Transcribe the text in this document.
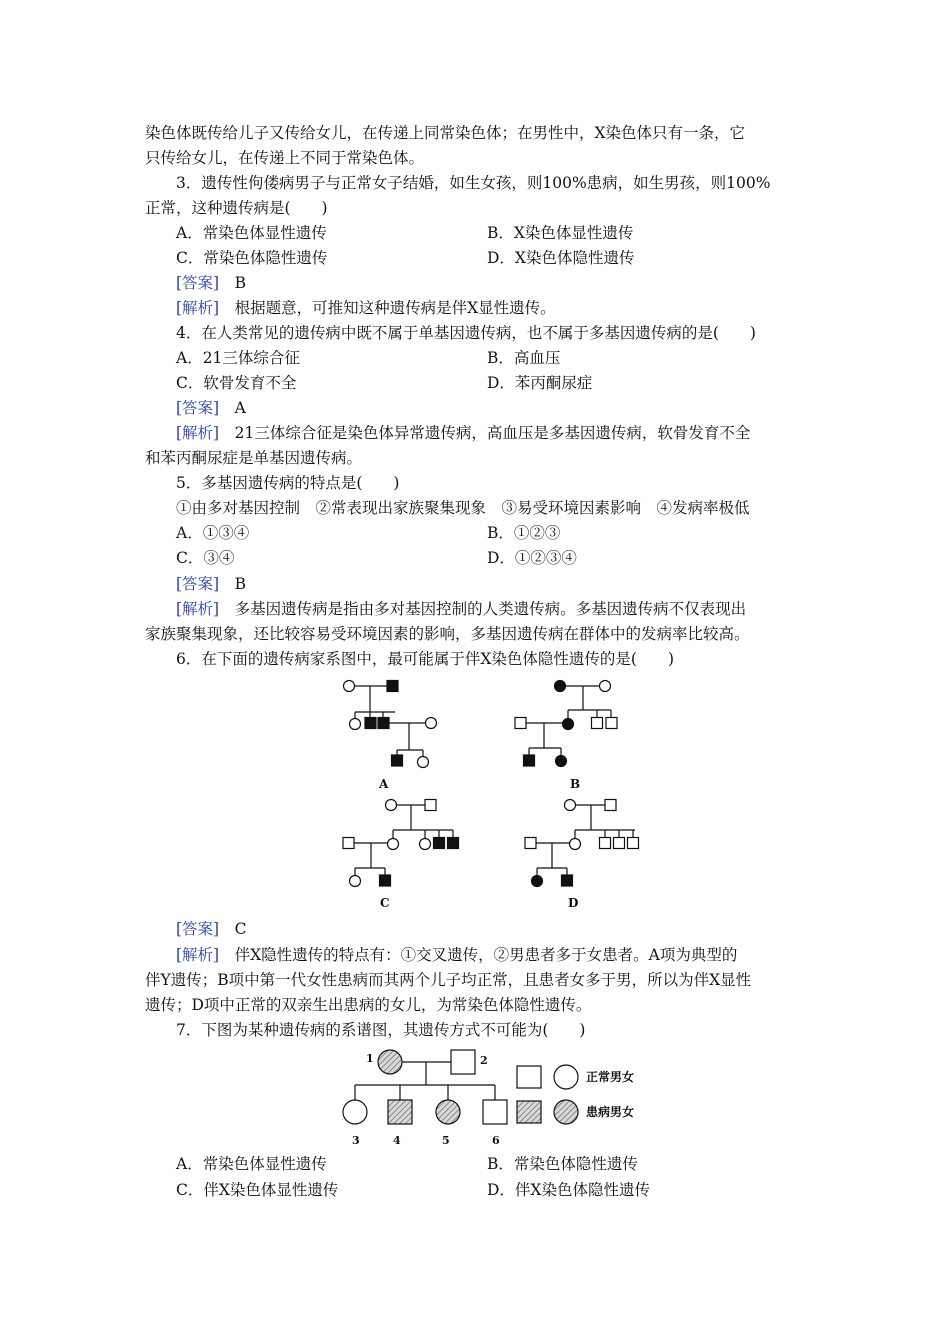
染色体既传给儿子又传给女儿，在传递上同常染色体；在男性中，X染色体只有一条，它
只传给女儿，在传递上不同于常染色体。
3．遗传性佝偻病男子与正常女子结婚，如生女孩，则100%患病，如生男孩，则100%
正常，这种遗传病是(　　)
A．常染色体显性遗传	B．X染色体显性遗传
C．常染色体隐性遗传	D．X染色体隐性遗传
[答案]　 B
[解析]　 根据题意，可推知这种遗传病是伴X显性遗传。
4．在人类常见的遗传病中既不属于单基因遗传病，也不属于多基因遗传病的是(　　)
A．21三体综合征	B．高血压
C．软骨发育不全	D．苯丙酮尿症
[答案]　 A
[解析]　 21三体综合征是染色体异常遗传病，高血压是多基因遗传病，软骨发育不全
和苯丙酮尿症是单基因遗传病。
5．多基因遗传病的特点是(　　)
①由多对基因控制　②常表现出家族聚集现象　③易受环境因素影响　④发病率极低
A．①③④	B．①②③
C．③④	D．①②③④
[答案]　 B
[解析]　 多基因遗传病是指由多对基因控制的人类遗传病。多基因遗传病不仅表现出
家族聚集现象，还比较容易受环境因素的影响，多基因遗传病在群体中的发病率比较高。
6．在下面的遗传病家系图中，最可能属于伴X染色体隐性遗传的是(　　)
A	B
C	D
[答案]　 C
[解析]　 伴X隐性遗传的特点有：①交叉遗传，②男患者多于女患者。A项为典型的
伴Y遗传；B项中第一代女性患病而其两个儿子均正常，且患者女多于男，所以为伴X显性
遗传；D项中正常的双亲生出患病的女儿，为常染色体隐性遗传。
7．下图为某种遗传病的系谱图，其遗传方式不可能为(　　)
1	2
3	4	5	6
正常男女
患病男女
A．常染色体显性遗传	B．常染色体隐性遗传
C．伴X染色体显性遗传	D．伴X染色体隐性遗传
